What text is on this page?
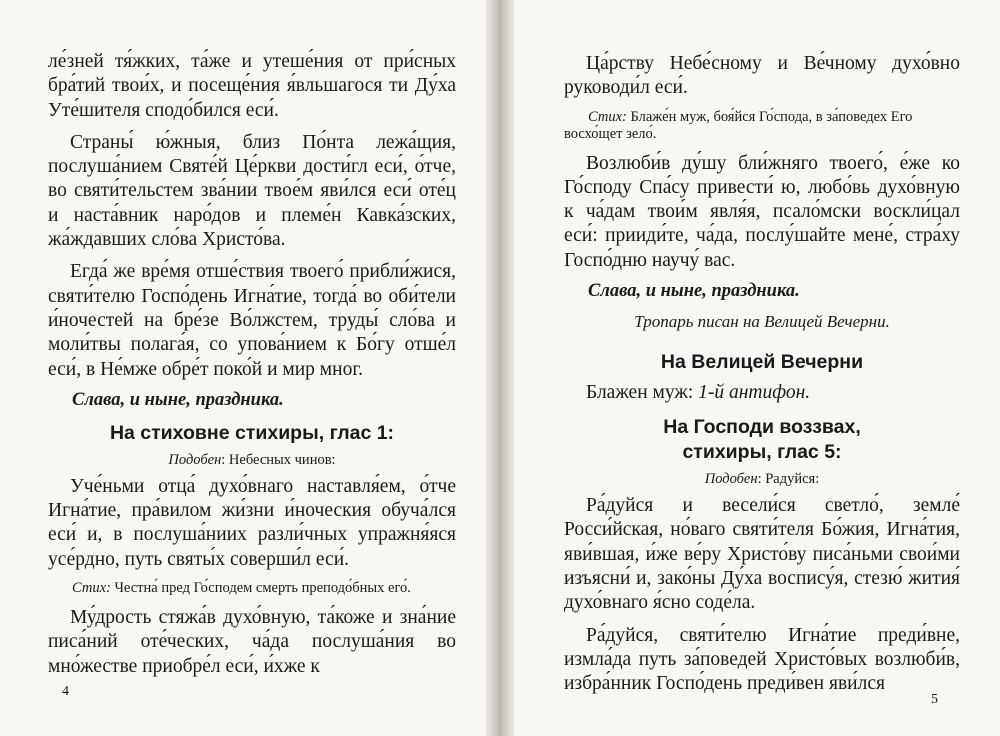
ле́зней тя́жких, та́же и утеше́ния от при́сных бра́тий твои́х, и посеще́ния я́вльшагося ти Ду́ха Уте́шителя сподо́бился еси́.

Страны́ ю́жныя, близ По́нта лежа́щия, послуша́нием Святе́й Це́ркви дости́гл еси́, о́тче, во святи́тельстем зва́нии твое́м яви́лся еси́ оте́ц и наста́вник наро́дов и племе́н Кавка́зских, жа́ждавших сло́ва Христо́ва.

Егда́ же вре́мя отше́ствия твоего́ прибли́жися, святи́телю Госпо́день Игна́тие, тогда́ во оби́тели и́ночестей на бре́зе Во́лжстем, труды́ сло́ва и моли́твы полага́я, со упова́нием к Бо́гу отше́л еси́, в Не́мже обре́т поко́й и мир мног.

Слава, и ныне, праздника.

На стиховне стихиры, глас 1:

Подобен: Небесных чинов:

Уче́ньми отца́ духо́внаго наставля́ем, о́тче Игна́тие, пра́вилом жи́зни и́ноческия обуча́лся еси́ и, в послуша́ниих разли́чных упражня́яся усе́рдно, путь святы́х соверши́л еси́.

Стих: Честна́ пред Го́сподем смерть преподо́бных его́.

Му́дрость стяжа́в духо́вную, та́коже и зна́ние писа́ний оте́ческих, ча́да послуша́ния во мно́жестве приобре́л еси́, и́хже к

4

Ца́рству Небе́сному и Ве́чному духо́вно руководи́л еси́.

Стих: Блаже́н муж, боя́йся Го́спода, в за́поведех Его восхо́щет зело́.

Возлюби́в ду́шу бли́жняго твоего́, е́же ко Го́споду Спа́су привести́ ю, любо́вь духо́вную к ча́дам твои́м явля́я, псало́мски воскли́цал еси́: прииди́те, ча́да, послу́шайте мене́, стра́ху Госпо́дню научу́ вас.

Слава, и ныне, праздника.

Тропарь писан на Велицей Вечерни.

На Велицей Вечерни

Блажен муж: 1-й антифон.

На Господи воззвах,
стихиры, глас 5:

Подобен: Радуйся:

Ра́дуйся и весели́ся светло́, земле́ Росси́йская, но́ваго святи́теля Бо́жия, Игна́тия, яви́вшая, и́же ве́ру Христо́ву писа́ньми свои́ми изъясни́ и, зако́ны Ду́ха воспису́я, стезю́ жития́ духо́внаго я́сно соде́ла.

Ра́дуйся, святи́телю Игна́тие преди́вне, измла́да путь за́поведей Христо́вых возлюби́в, избра́нник Госпо́день преди́вен яви́лся

5
